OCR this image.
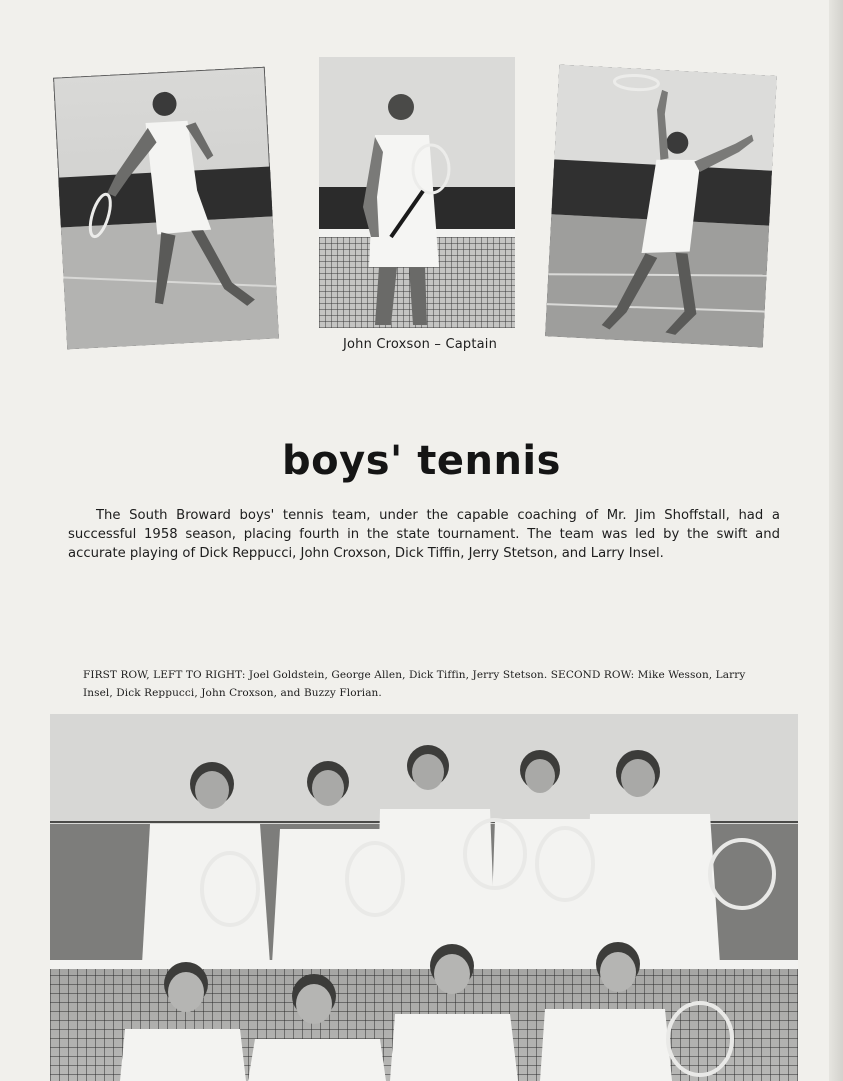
John Croxson – Captain
boys' tennis
The South Broward boys' tennis team, under the capable coaching of Mr. Jim Shoffstall, had a successful 1958 season, placing fourth in the state tournament. The team was led by the swift and accurate playing of Dick Reppucci, John Croxson, Dick Tiffin, Jerry Stetson, and Larry Insel.
FIRST ROW, LEFT TO RIGHT: Joel Goldstein, George Allen, Dick Tiffin, Jerry Stetson. SECOND ROW: Mike Wesson, Larry Insel, Dick Reppucci, John Croxson, and Buzzy Florian.
